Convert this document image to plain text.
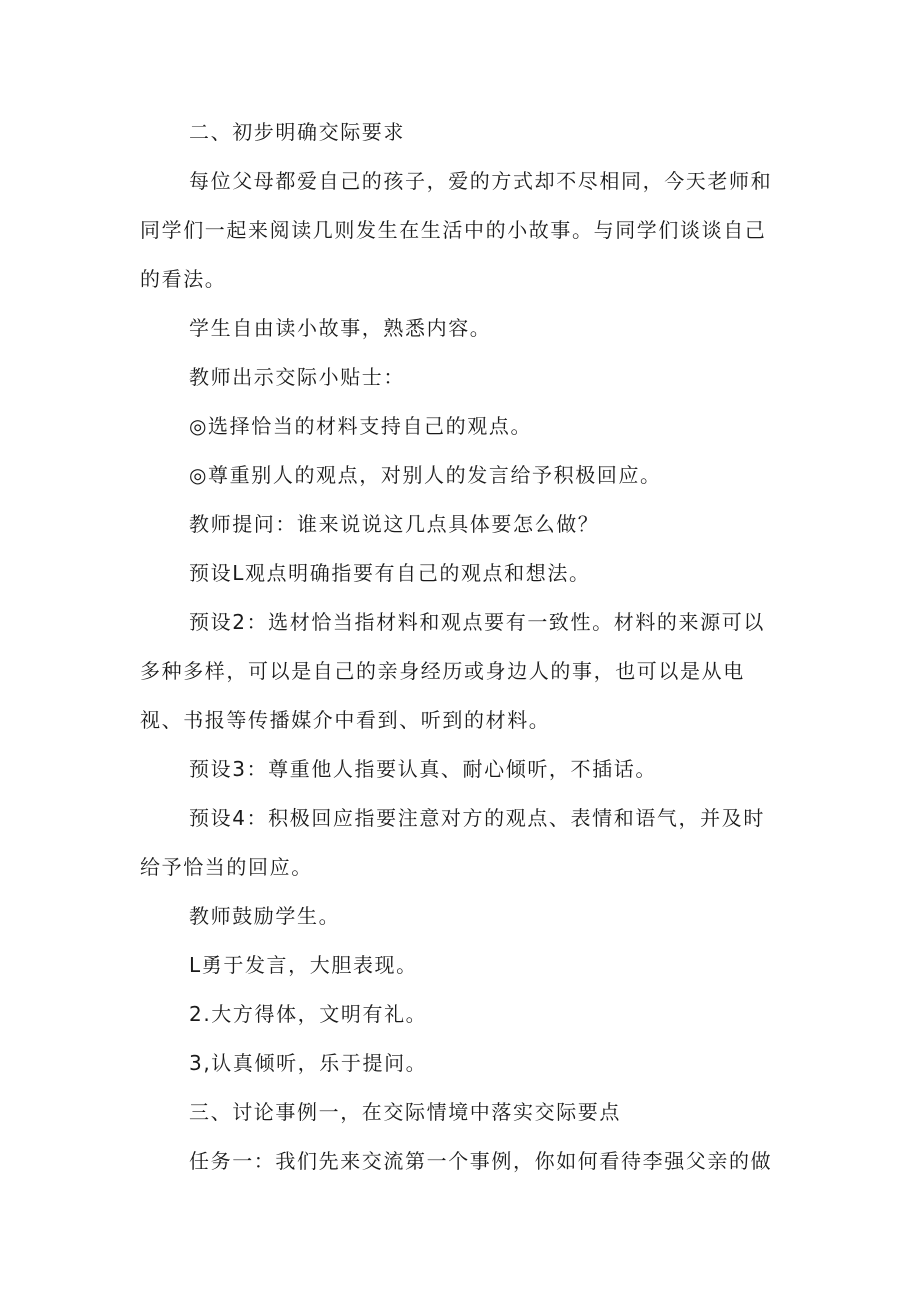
二、初步明确交际要求

每位父母都爱自己的孩子，爱的方式却不尽相同，今天老师和同学们一起来阅读几则发生在生活中的小故事。与同学们谈谈自己的看法。

学生自由读小故事，熟悉内容。

教师出示交际小贴士：

◎选择恰当的材料支持自己的观点。

◎尊重别人的观点，对别人的发言给予积极回应。

教师提问：谁来说说这几点具体要怎么做？

预设L观点明确指要有自己的观点和想法。

预设2：选材恰当指材料和观点要有一致性。材料的来源可以多种多样，可以是自己的亲身经历或身边人的事，也可以是从电视、书报等传播媒介中看到、听到的材料。

预设3：尊重他人指要认真、耐心倾听，不插话。

预设4：积极回应指要注意对方的观点、表情和语气，并及时给予恰当的回应。

教师鼓励学生。

L勇于发言，大胆表现。

2.大方得体，文明有礼。

3,认真倾听，乐于提问。

三、讨论事例一，在交际情境中落实交际要点

任务一：我们先来交流第一个事例，你如何看待李强父亲的做
